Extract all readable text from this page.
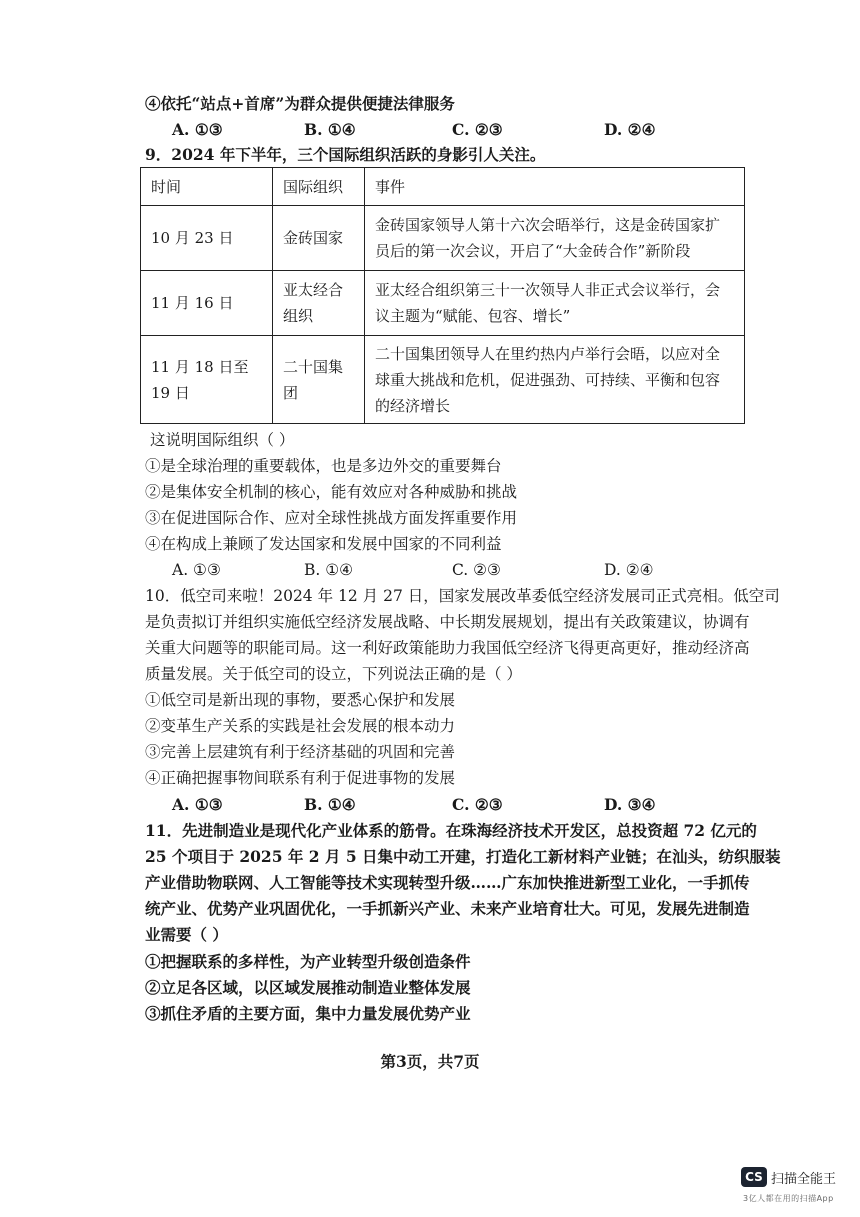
④依托“站点+首席”为群众提供便捷法律服务
A. ①③	B. ①④	C. ②③	D. ②④
9．2024 年下半年，三个国际组织活跃的身影引人关注。
时间	国际组织	事件
10 月 23 日	金砖国家	金砖国家领导人第十六次会晤举行，这是金砖国家扩员后的第一次会议，开启了“大金砖合作”新阶段
11 月 16 日	亚太经合组织	亚太经合组织第三十一次领导人非正式会议举行，会议主题为“赋能、包容、增长”
11 月 18 日至 19 日	二十国集团	二十国集团领导人在里约热内卢举行会晤，以应对全球重大挑战和危机，促进强劲、可持续、平衡和包容的经济增长
这说明国际组织（ ）
①是全球治理的重要载体，也是多边外交的重要舞台
②是集体安全机制的核心，能有效应对各种威胁和挑战
③在促进国际合作、应对全球性挑战方面发挥重要作用
④在构成上兼顾了发达国家和发展中国家的不同利益
A. ①③	B. ①④	C. ②③	D. ②④
10．低空司来啦！2024 年 12 月 27 日，国家发展改革委低空经济发展司正式亮相。低空司
是负责拟订并组织实施低空经济发展战略、中长期发展规划，提出有关政策建议，协调有
关重大问题等的职能司局。这一利好政策能助力我国低空经济飞得更高更好，推动经济高
质量发展。关于低空司的设立，下列说法正确的是（ ）
①低空司是新出现的事物，要悉心保护和发展
②变革生产关系的实践是社会发展的根本动力
③完善上层建筑有利于经济基础的巩固和完善
④正确把握事物间联系有利于促进事物的发展
A. ①③	B. ①④	C. ②③	D. ③④
11．先进制造业是现代化产业体系的筋骨。在珠海经济技术开发区，总投资超 72 亿元的
25 个项目于 2025 年 2 月 5 日集中动工开建，打造化工新材料产业链；在汕头，纺织服装
产业借助物联网、人工智能等技术实现转型升级……广东加快推进新型工业化，一手抓传
统产业、优势产业巩固优化，一手抓新兴产业、未来产业培育壮大。可见，发展先进制造
业需要（ ）
①把握联系的多样性，为产业转型升级创造条件
②立足各区域，以区域发展推动制造业整体发展
③抓住矛盾的主要方面，集中力量发展优势产业
第3页，共7页
CS 扫描全能王
3亿人都在用的扫描App
